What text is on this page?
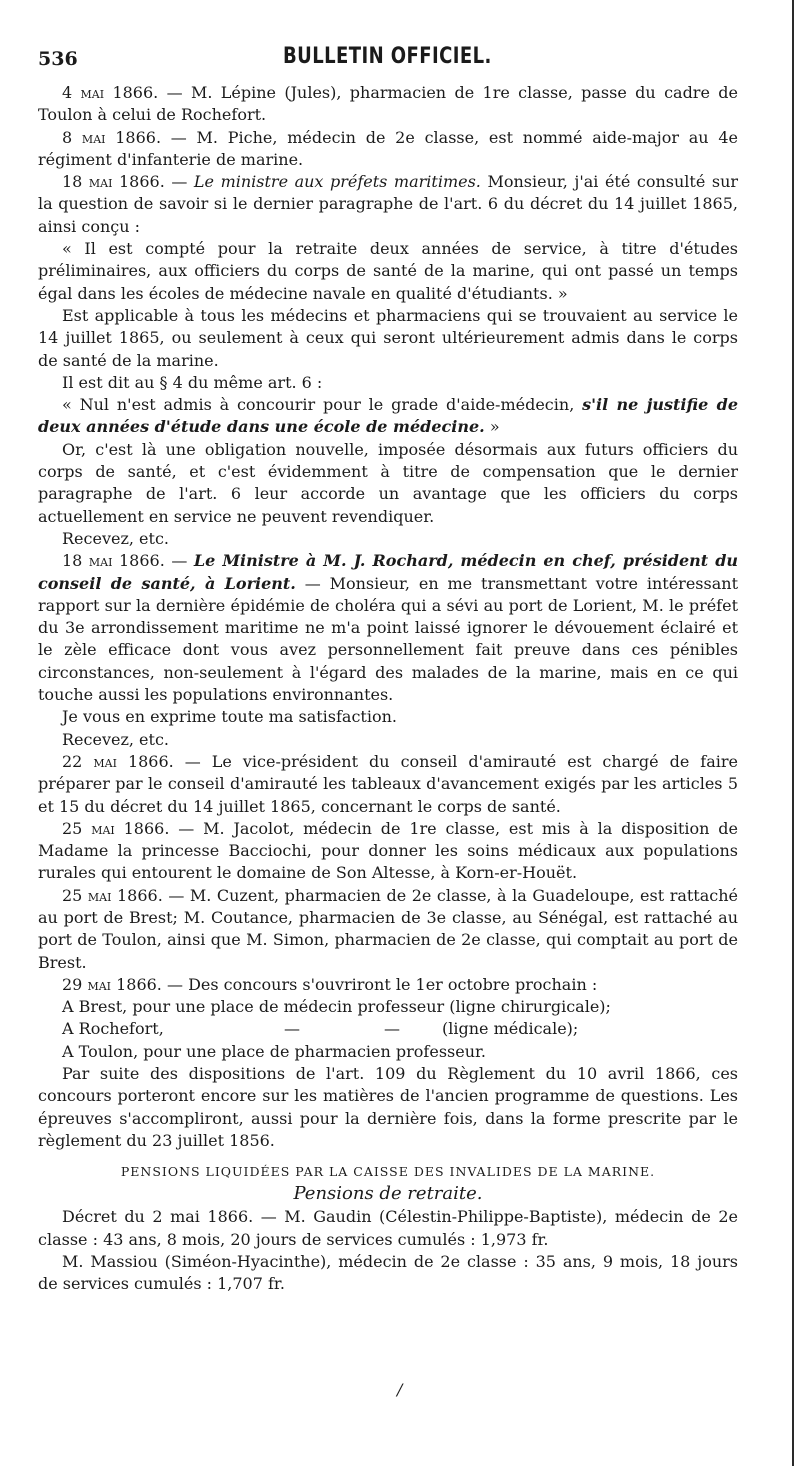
536	BULLETIN OFFICIEL.

4 mai 1866. — M. Lépine (Jules), pharmacien de 1re classe, passe du cadre de Toulon à celui de Rochefort.

8 mai 1866. — M. Piche, médecin de 2e classe, est nommé aide-major au 4e régiment d'infanterie de marine.

18 mai 1866. — Le ministre aux préfets maritimes. Monsieur, j'ai été consulté sur la question de savoir si le dernier paragraphe de l'art. 6 du décret du 14 juillet 1865, ainsi conçu :

« Il est compté pour la retraite deux années de service, à titre d'études préliminaires, aux officiers du corps de santé de la marine, qui ont passé un temps égal dans les écoles de médecine navale en qualité d'étudiants. »

Est applicable à tous les médecins et pharmaciens qui se trouvaient au service le 14 juillet 1865, ou seulement à ceux qui seront ultérieurement admis dans le corps de santé de la marine.

Il est dit au § 4 du même art. 6 :

« Nul n'est admis à concourir pour le grade d'aide-médecin, s'il ne justifie de deux années d'étude dans une école de médecine. »

Or, c'est là une obligation nouvelle, imposée désormais aux futurs officiers du corps de santé, et c'est évidemment à titre de compensation que le dernier paragraphe de l'art. 6 leur accorde un avantage que les officiers du corps actuellement en service ne peuvent revendiquer.

Recevez, etc.

18 mai 1866. — Le Ministre à M. J. Rochard, médecin en chef, président du conseil de santé, à Lorient. — Monsieur, en me transmettant votre intéressant rapport sur la dernière épidémie de choléra qui a sévi au port de Lorient, M. le préfet du 3e arrondissement maritime ne m'a point laissé ignorer le dévouement éclairé et le zèle efficace dont vous avez personnellement fait preuve dans ces pénibles circonstances, non-seulement à l'égard des malades de la marine, mais en ce qui touche aussi les populations environnantes.

Je vous en exprime toute ma satisfaction.

Recevez, etc.

22 mai 1866. — Le vice-président du conseil d'amirauté est chargé de faire préparer par le conseil d'amirauté les tableaux d'avancement exigés par les articles 5 et 15 du décret du 14 juillet 1865, concernant le corps de santé.

25 mai 1866. — M. Jacolot, médecin de 1re classe, est mis à la disposition de Madame la princesse Bacciochi, pour donner les soins médicaux aux populations rurales qui entourent le domaine de Son Altesse, à Korn-er-Houët.

25 mai 1866. — M. Cuzent, pharmacien de 2e classe, à la Guadeloupe, est rattaché au port de Brest; M. Coutance, pharmacien de 3e classe, au Sénégal, est rattaché au port de Toulon, ainsi que M. Simon, pharmacien de 2e classe, qui comptait au port de Brest.

29 mai 1866. — Des concours s'ouvriront le 1er octobre prochain :

A Brest, pour une place de médecin professeur (ligne chirurgicale);

A Rochefort,	—	—	(ligne médicale);

A Toulon, pour une place de pharmacien professeur.

Par suite des dispositions de l'art. 109 du Règlement du 10 avril 1866, ces concours porteront encore sur les matières de l'ancien programme de questions. Les épreuves s'accompliront, aussi pour la dernière fois, dans la forme prescrite par le règlement du 23 juillet 1856.

PENSIONS LIQUIDÉES PAR LA CAISSE DES INVALIDES DE LA MARINE.

Pensions de retraite.

Décret du 2 mai 1866. — M. Gaudin (Célestin-Philippe-Baptiste), médecin de 2e classe : 43 ans, 8 mois, 20 jours de services cumulés : 1,973 fr.

M. Massiou (Siméon-Hyacinthe), médecin de 2e classe : 35 ans, 9 mois, 18 jours de services cumulés : 1,707 fr.

/
